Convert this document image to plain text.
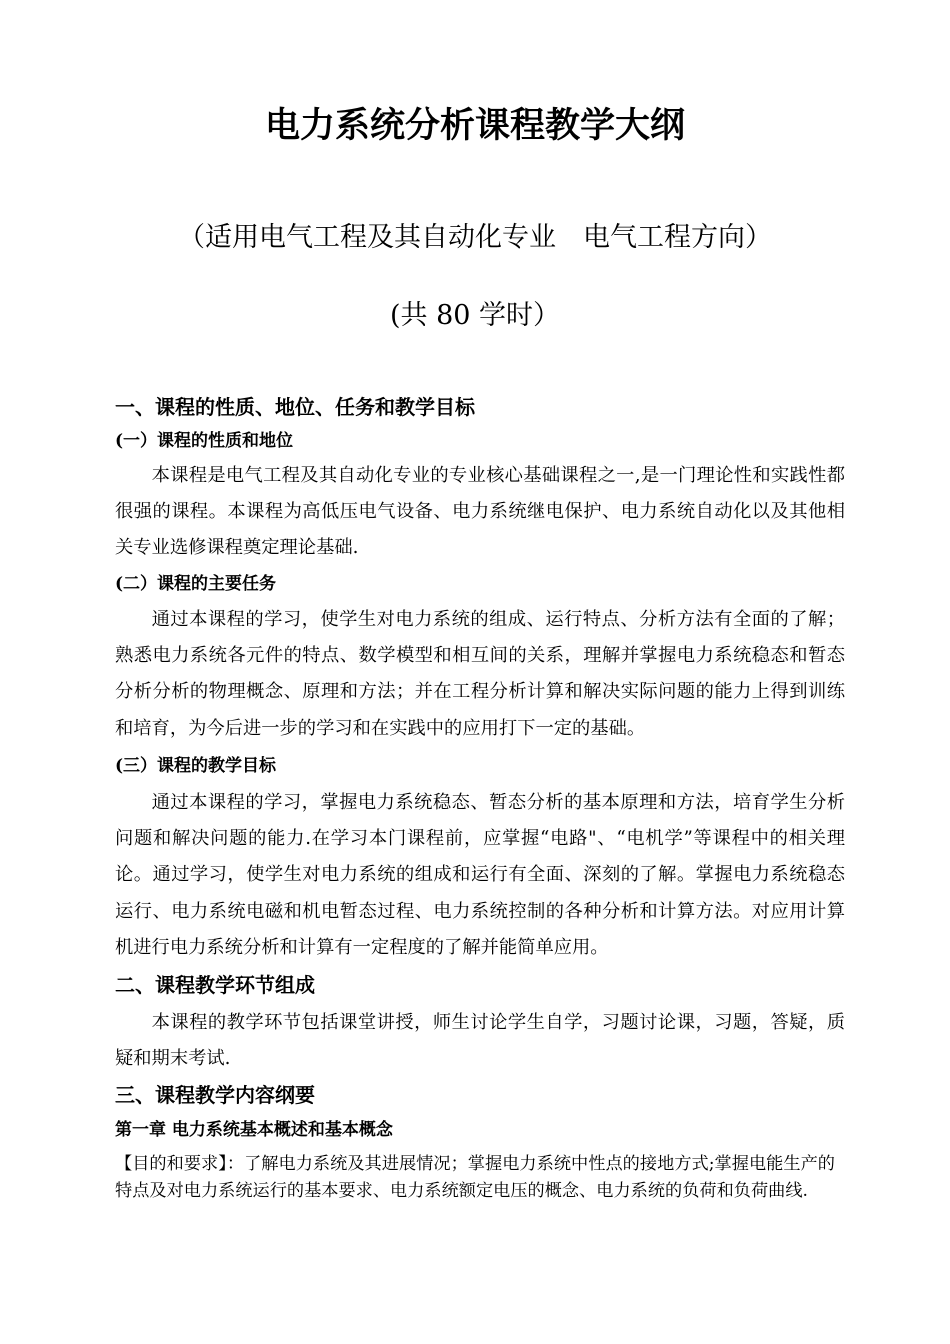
电力系统分析课程教学大纲

（适用电气工程及其自动化专业　电气工程方向）

(共 80 学时）

一、课程的性质、地位、任务和教学目标
(一）课程的性质和地位

本课程是电气工程及其自动化专业的专业核心基础课程之一,是一门理论性和实践性都很强的课程。本课程为高低压电气设备、电力系统继电保护、电力系统自动化以及其他相关专业选修课程奠定理论基础.

(二）课程的主要任务

通过本课程的学习，使学生对电力系统的组成、运行特点、分析方法有全面的了解；熟悉电力系统各元件的特点、数学模型和相互间的关系，理解并掌握电力系统稳态和暂态分析分析的物理概念、原理和方法；并在工程分析计算和解决实际问题的能力上得到训练和培育，为今后进一步的学习和在实践中的应用打下一定的基础。

(三）课程的教学目标

通过本课程的学习，掌握电力系统稳态、暂态分析的基本原理和方法，培育学生分析问题和解决问题的能力.在学习本门课程前，应掌握“电路"、“电机学”等课程中的相关理论。通过学习，使学生对电力系统的组成和运行有全面、深刻的了解。掌握电力系统稳态运行、电力系统电磁和机电暂态过程、电力系统控制的各种分析和计算方法。对应用计算机进行电力系统分析和计算有一定程度的了解并能简单应用。

二、课程教学环节组成

本课程的教学环节包括课堂讲授，师生讨论学生自学，习题讨论课，习题，答疑，质疑和期末考试.

三、课程教学内容纲要
第一章 电力系统基本概述和基本概念

【目的和要求】：了解电力系统及其进展情况；掌握电力系统中性点的接地方式;掌握电能生产的特点及对电力系统运行的基本要求、电力系统额定电压的概念、电力系统的负荷和负荷曲线.
